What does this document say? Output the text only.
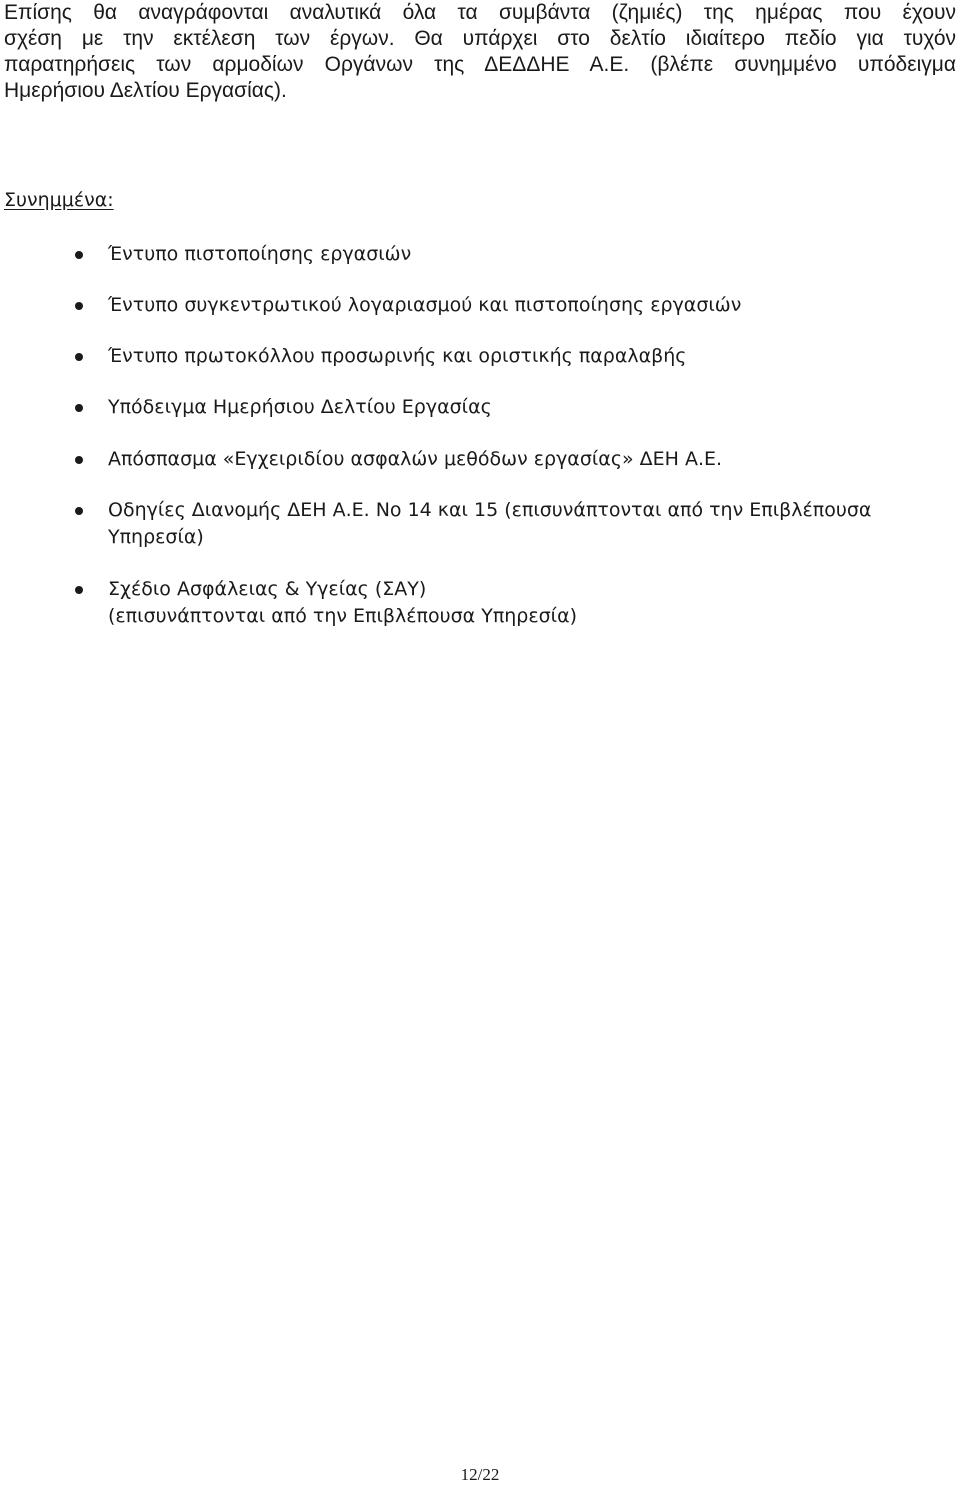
Επίσης θα αναγράφονται αναλυτικά όλα τα συμβάντα (ζημιές) της ημέρας που έχουν
σχέση με την εκτέλεση των έργων. Θα υπάρχει στο δελτίο ιδιαίτερο πεδίο για τυχόν
παρατηρήσεις των αρμοδίων Οργάνων της ΔΕΔΔΗΕ Α.Ε. (βλέπε συνημμένο υπόδειγμα
Ημερήσιου Δελτίου Εργασίας).

Συνημμένα:
Έντυπο πιστοποίησης εργασιών
Έντυπο συγκεντρωτικού λογαριασμού και πιστοποίησης εργασιών
Έντυπο πρωτοκόλλου προσωρινής και οριστικής παραλαβής
Υπόδειγμα Ημερήσιου Δελτίου Εργασίας
Απόσπασμα «Εγχειριδίου ασφαλών μεθόδων εργασίας» ΔΕΗ Α.Ε.
Οδηγίες Διανομής ΔΕΗ Α.Ε. Νο 14 και 15 (επισυνάπτονται από την Επιβλέπουσα
Υπηρεσία)
Σχέδιο Ασφάλειας & Υγείας (ΣΑΥ)
(επισυνάπτονται από την Επιβλέπουσα Υπηρεσία)
12/22
